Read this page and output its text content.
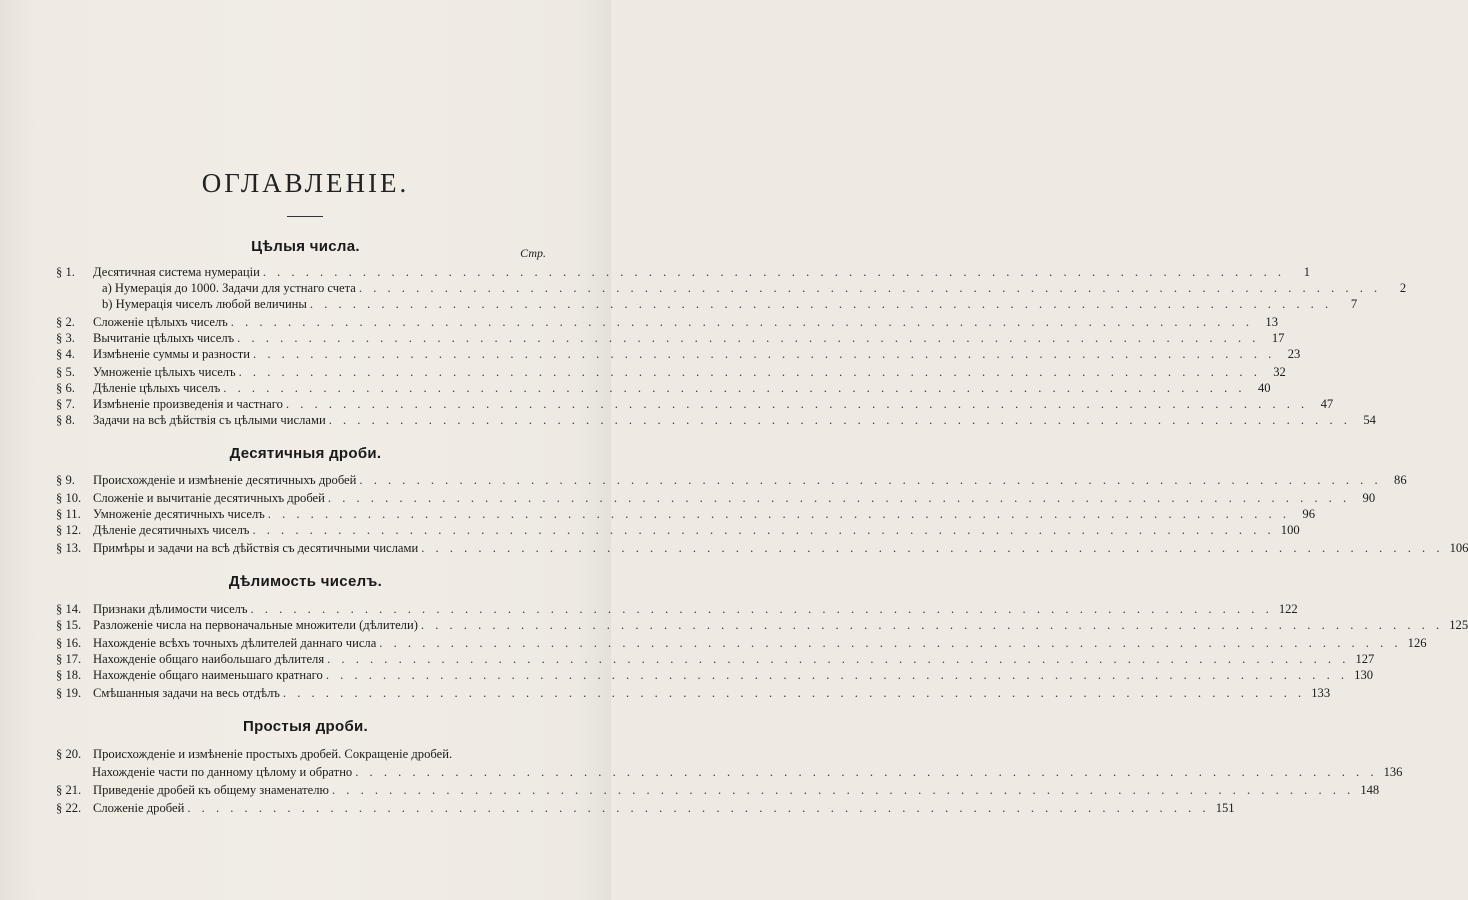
ОГЛАВЛЕНІЕ.
Стр.
Цѣлыя числа.
§ 1.	Десятичная система нумераціи . . .	1
a) Нумерація до 1000. Задачи для устнаго счета . . .	2
b) Нумерація чиселъ любой величины . . .	7
§ 2.	Сложеніе цѣлыхъ чиселъ . . .	13
§ 3.	Вычитаніе цѣлыхъ чиселъ . . .	17
§ 4.	Измѣненіе суммы и разности . . .	23
§ 5.	Умноженіе цѣлыхъ чиселъ . . .	32
§ 6.	Дѣленіе цѣлыхъ чиселъ . . .	40
§ 7.	Измѣненіе произведенія и частнаго . . .	47
§ 8.	Задачи на всѣ дѣйствія съ цѣлыми числами . . .	54
Десятичныя дроби.
§ 9.	Происхожденіе и измѣненіе десятичныхъ дробей . . .	86
§ 10. Сложеніе и вычитаніе десятичныхъ дробей . . .	90
§ 11. Умноженіе десятичныхъ чиселъ . . .	96
§ 12. Дѣленіе десятичныхъ чиселъ . . .	100
§ 13. Примѣры и задачи на всѣ дѣйствія съ десятичными числами . . .	106
Дѣлимость чиселъ.
§ 14. Признаки дѣлимости чиселъ . . .	122
§ 15. Разложеніе числа на первоначальные множители (дѣлители) . . .	125
§ 16. Нахожденіе всѣхъ точныхъ дѣлителей даннаго числа . . .	126
§ 17. Нахожденіе общаго наибольшаго дѣлителя . . .	127
§ 18. Нахожденіе общаго наименьшаго кратнаго . . .	130
§ 19. Смѣшанныя задачи на весь отдѣлъ . . .	133
Простыя дроби.
§ 20. Происхожденіе и измѣненіе простыхъ дробей. Сокращеніе дробей.
Нахожденіе части по данному цѣлому и обратно . . .	136
§ 21. Приведеніе дробей къ общему знаменателю . . .	148
§ 22. Сложеніе дробей . . .	151
